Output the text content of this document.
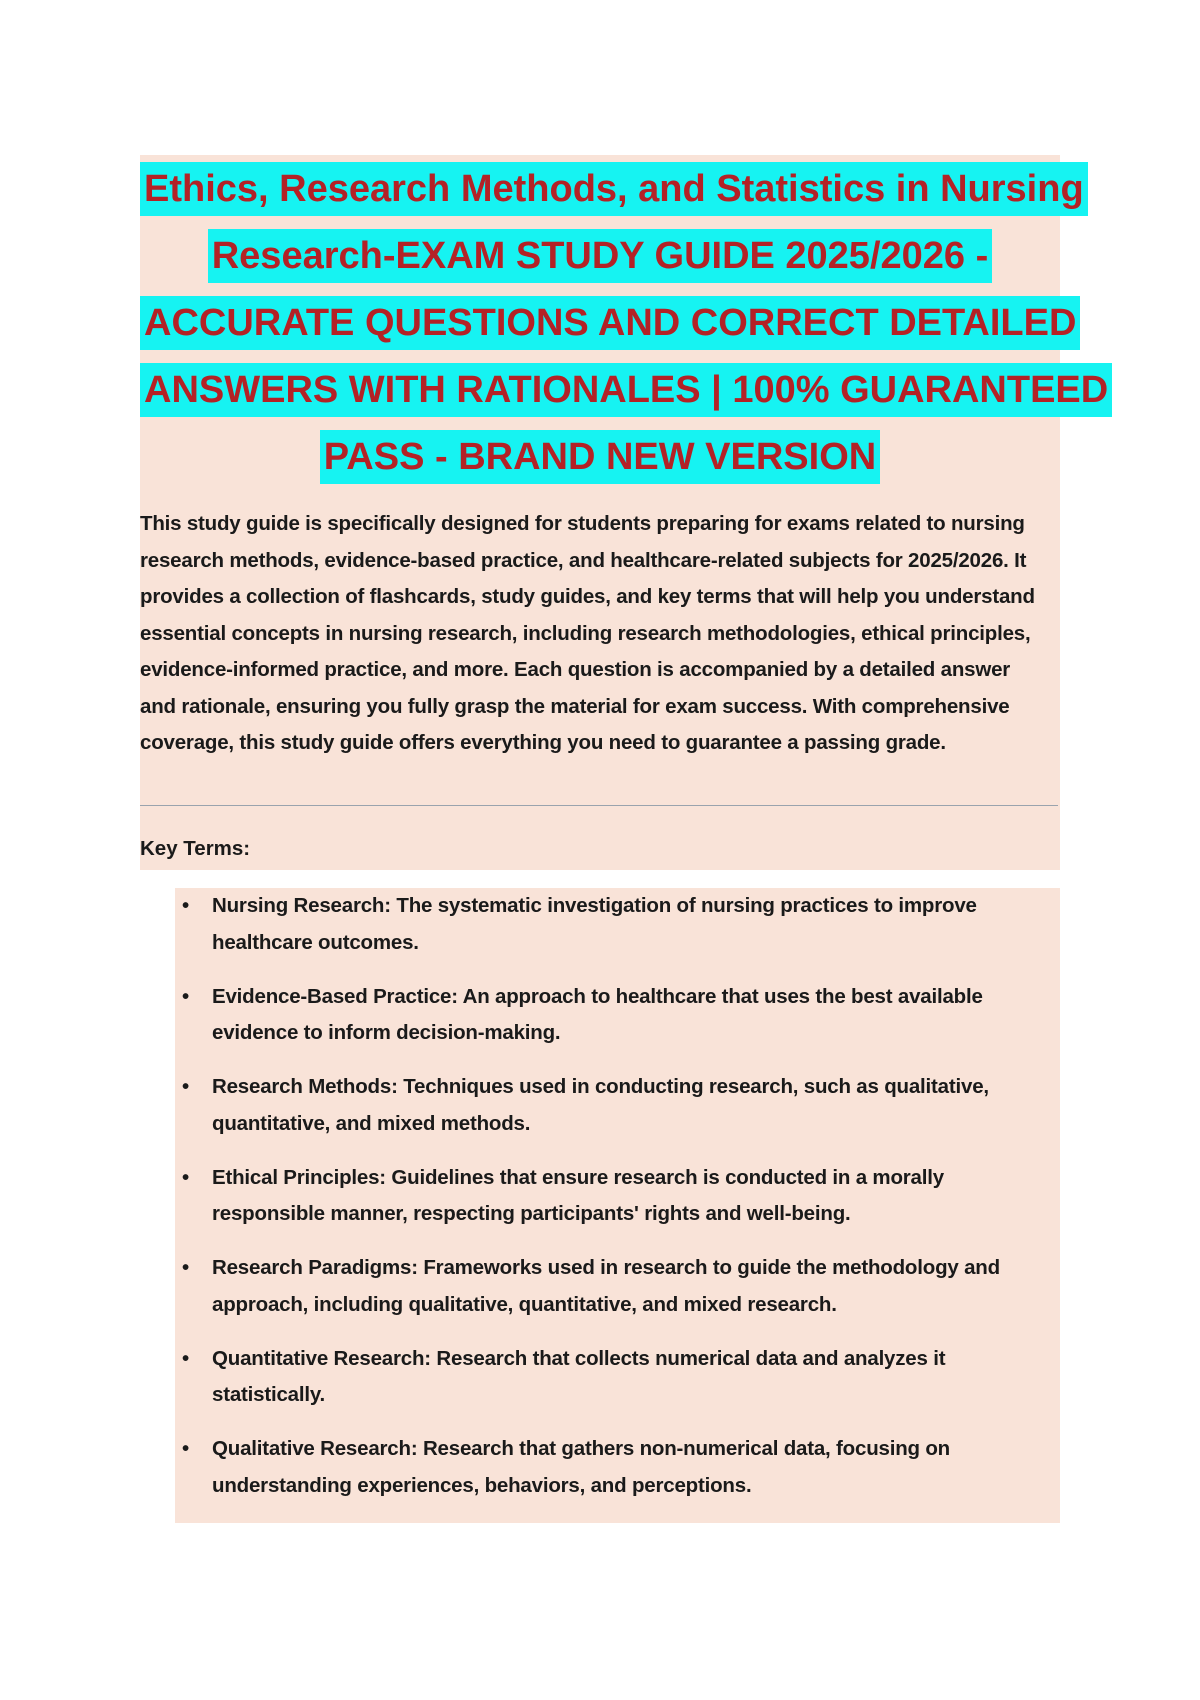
Ethics, Research Methods, and Statistics in Nursing
Research-EXAM STUDY GUIDE 2025/2026 -
ACCURATE QUESTIONS AND CORRECT DETAILED
ANSWERS WITH RATIONALES | 100% GUARANTEED
PASS - BRAND NEW VERSION
This study guide is specifically designed for students preparing for exams related to nursing
research methods, evidence-based practice, and healthcare-related subjects for 2025/2026. It
provides a collection of flashcards, study guides, and key terms that will help you understand
essential concepts in nursing research, including research methodologies, ethical principles,
evidence-informed practice, and more. Each question is accompanied by a detailed answer
and rationale, ensuring you fully grasp the material for exam success. With comprehensive
coverage, this study guide offers everything you need to guarantee a passing grade.
Key Terms:
•	Nursing Research: The systematic investigation of nursing practices to improve
healthcare outcomes.
•	Evidence-Based Practice: An approach to healthcare that uses the best available
evidence to inform decision-making.
•	Research Methods: Techniques used in conducting research, such as qualitative,
quantitative, and mixed methods.
•	Ethical Principles: Guidelines that ensure research is conducted in a morally
responsible manner, respecting participants' rights and well-being.
•	Research Paradigms: Frameworks used in research to guide the methodology and
approach, including qualitative, quantitative, and mixed research.
•	Quantitative Research: Research that collects numerical data and analyzes it
statistically.
•	Qualitative Research: Research that gathers non-numerical data, focusing on
understanding experiences, behaviors, and perceptions.
